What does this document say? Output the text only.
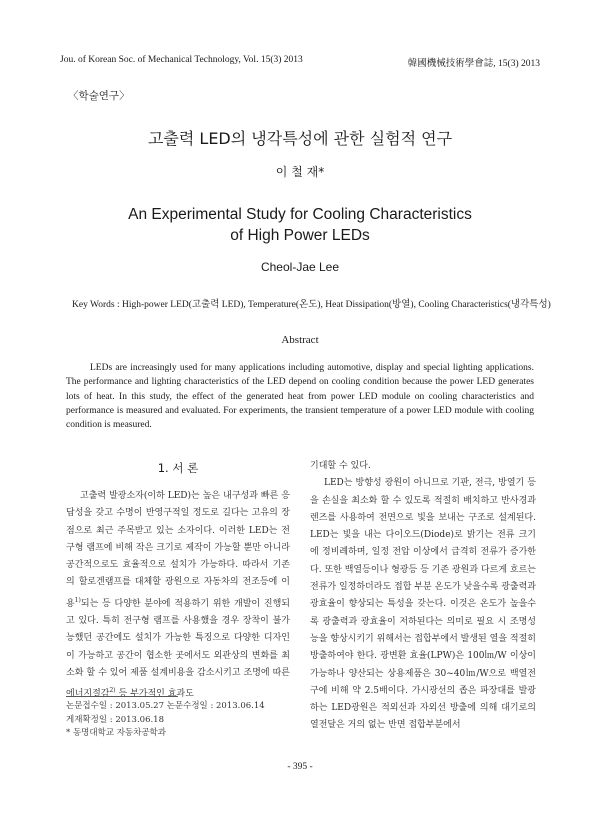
Jou. of Korean Soc. of Mechanical Technology, Vol. 15(3) 2013	韓國機械技術學會誌, 15(3) 2013
〈학술연구〉
고출력 LED의 냉각특성에 관한 실험적 연구
이 철 재*
An Experimental Study for Cooling Characteristics
of High Power LEDs
Cheol-Jae Lee
Key Words : High-power LED(고출력 LED), Temperature(온도), Heat Dissipation(방열), Cooling Characteristics(냉각특성)
Abstract
LEDs are increasingly used for many applications including automotive, display and special lighting applications. The performance and lighting characteristics of the LED depend on cooling condition because the power LED generates lots of heat. In this study, the effect of the generated heat from power LED module on cooling characteristics and performance is measured and evaluated. For experiments, the transient temperature of a power LED module with cooling condition is measured.
1. 서 론
고출력 발광소자(이하 LED)는 높은 내구성과 빠른 응답성을 갖고 수명이 반영구적일 정도로 길다는 고유의 장점으로 최근 주목받고 있는 소자이다. 이러한 LED는 전구형 램프에 비해 작은 크기로 제작이 가능할 뿐만 아니라 공간적으로도 효율적으로 설치가 가능하다. 따라서 기존의 할로겐램프를 대체할 광원으로 자동차의 전조등에 이용$^{1)}$되는 등 다양한 분야에 적용하기 위한 개발이 진행되고 있다. 특히 전구형 램프를 사용했을 경우 장착이 불가능했던 공간에도 설치가 가능한 특징으로 다양한 디자인이 가능하고 공간이 협소한 곳에서도 외관상의 변화를 최소화 할 수 있어 제품 설계비용을 감소시키고 조명에 따른 에너지절감$^{2)}$ 등 부가적인 효과도

기대할 수 있다.

LED는 방향성 광원이 아니므로 기판, 전극, 방열기 등을 손실을 최소화 할 수 있도록 적절히 배치하고 반사경과 렌즈를 사용하여 전면으로 빛을 보내는 구조로 설계된다. LED는 빛을 내는 다이오드(Diode)로 밝기는 전류 크기에 정비례하며, 일정 전압 이상에서 급격히 전류가 증가한다. 또한 백열등이나 형광등 등 기존 광원과 다르게 흐르는 전류가 일정하더라도 접합 부분 온도가 낮을수록 광출력과 광효율이 향상되는 특성을 갖는다. 이것은 온도가 높을수록 광출력과 광효율이 저하된다는 의미로 필요 시 조명성능을 향상시키기 위해서는 접합부에서 발생된 열을 적절히 방출하여야 한다. 광변환 효율(LPW)은 100㏐/W 이상이 가능하나 양산되는 상용제품은 30~40㏐/W으로 백열전구에 비해 약 2.5배이다. 가시광선의 좁은 파장대를 발광하는 LED광원은 적외선과 자외선 방출에 의해 대기로의 열전달은 거의 없는 반면 접합부분에서

논문접수일 : 2013.05.27 논문수정일 : 2013.06.14
게재확정일 : 2013.06.18
* 동명대학교 자동차공학과
- 395 -
